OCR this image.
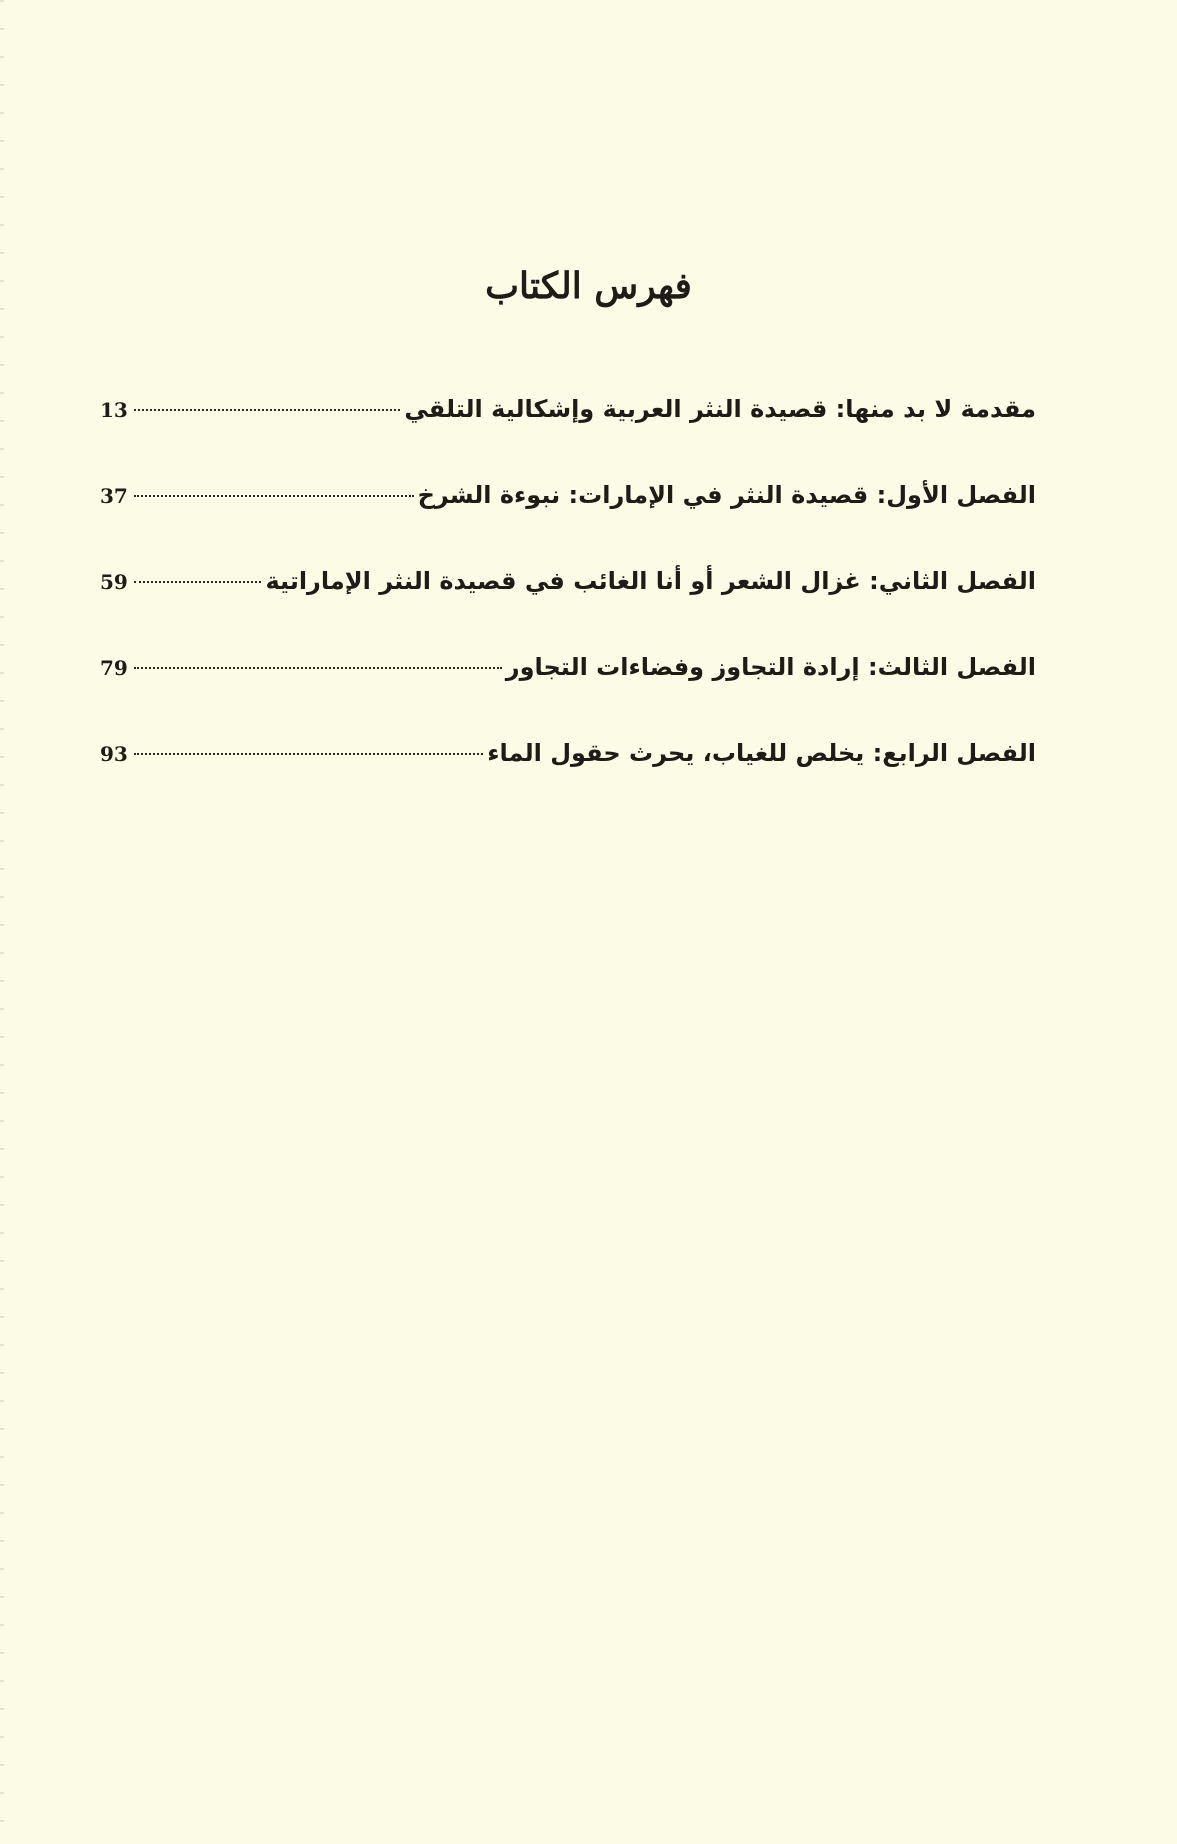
فهرس الكتاب
مقدمة لا بد منها: قصيدة النثر العربية وإشكالية التلقي
13
الفصل الأول: قصيدة النثر في الإمارات: نبوءة الشرخ
37
الفصل الثاني: غزال الشعر أو أنا الغائب في قصيدة النثر الإماراتية
59
الفصل الثالث: إرادة التجاوز وفضاءات التجاور
79
الفصل الرابع: يخلص للغياب، يحرث حقول الماء
93
